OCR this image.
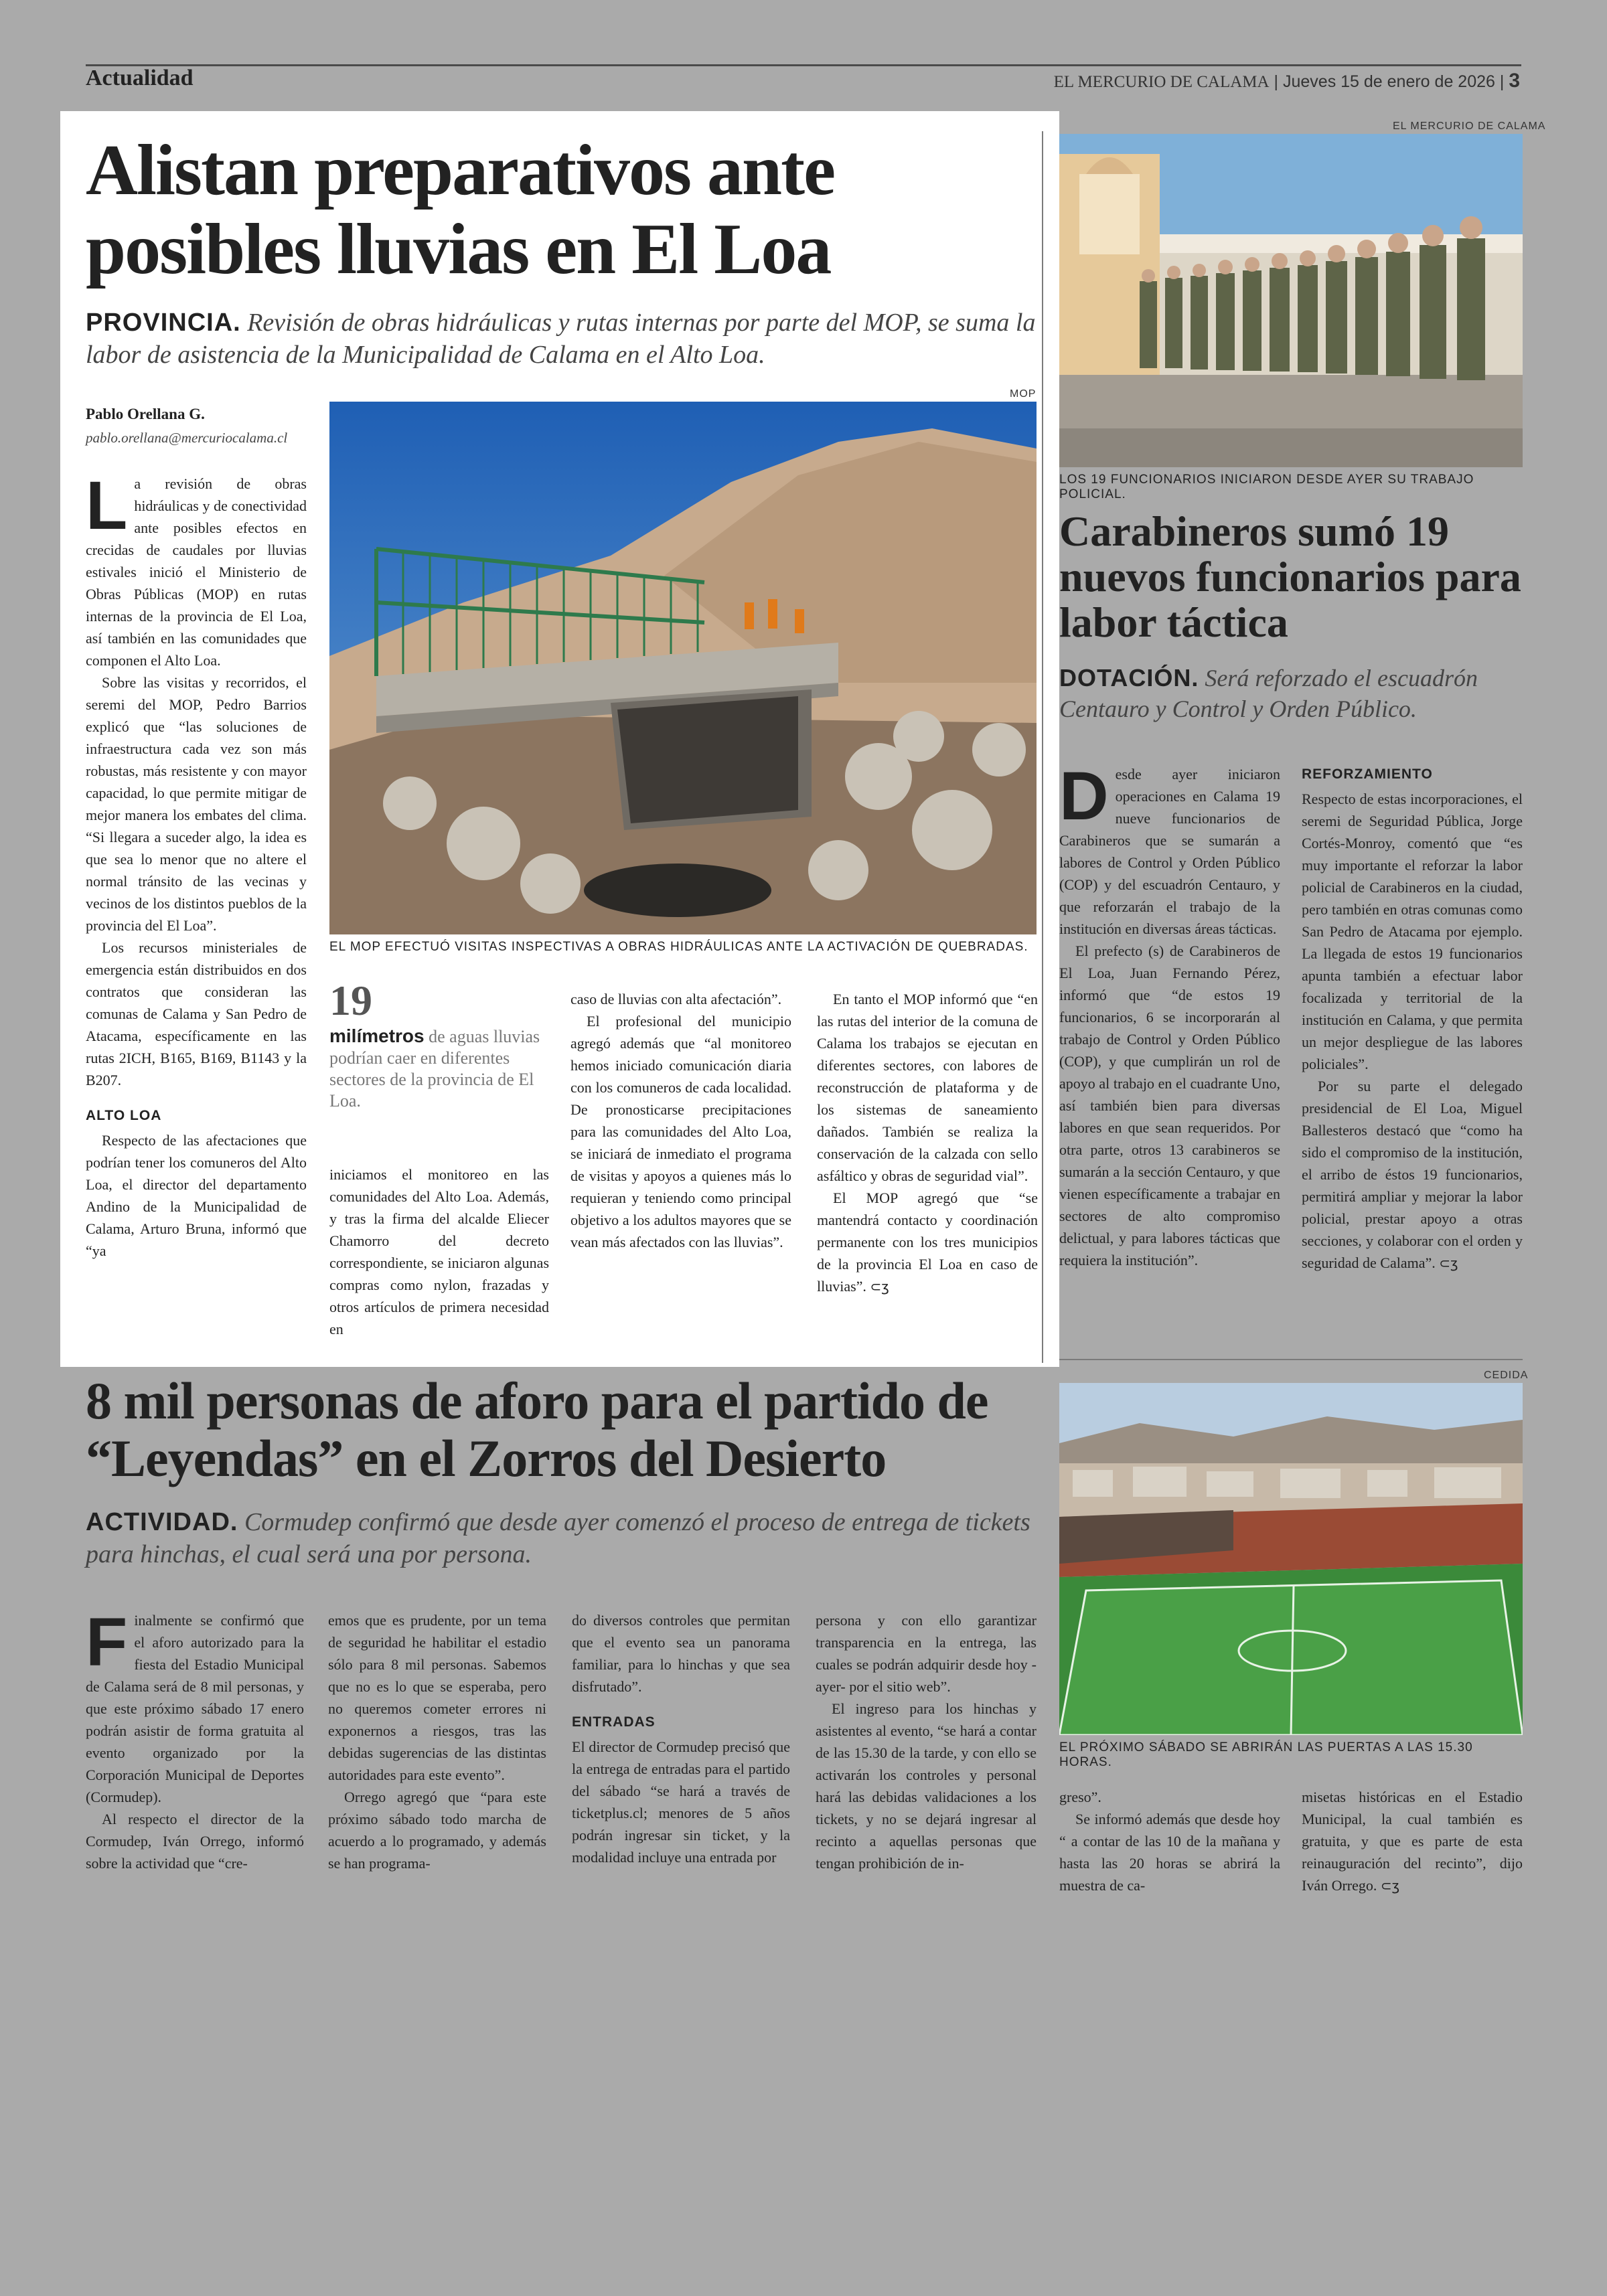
Actualidad	EL MERCURIO DE CALAMA | Jueves 15 de enero de 2026 | 3
Alistan preparativos ante posibles lluvias en El Loa
PROVINCIA. Revisión de obras hidráulicas y rutas internas por parte del MOP, se suma la labor de asistencia de la Municipalidad de Calama en el Alto Loa.
Pablo Orellana G.
pablo.orellana@mercuriocalama.cl
MOP
EL MOP EFECTUÓ VISITAS INSPECTIVAS A OBRAS HIDRÁULICAS ANTE LA ACTIVACIÓN DE QUEBRADAS.

La revisión de obras hidráulicas y de conectividad ante posibles efectos en crecidas de caudales por lluvias estivales inició el Ministerio de Obras Públicas (MOP) en rutas internas de la provincia de El Loa, así también en las comunidades que componen el Alto Loa.

Sobre las visitas y recorridos, el seremi del MOP, Pedro Barrios explicó que “las soluciones de infraestructura cada vez son más robustas, más resistente y con mayor capacidad, lo que permite mitigar de mejor manera los embates del clima. “Si llegara a suceder algo, la idea es que sea lo menor que no altere el normal tránsito de las vecinas y vecinos de los distintos pueblos de la provincia del El Loa”.

Los recursos ministeriales de emergencia están distribuidos en dos contratos que consideran las comunas de Calama y San Pedro de Atacama, específicamente en las rutas 2ICH, B165, B169, B1143 y la B207.

ALTO LOA

Respecto de las afectaciones que podrían tener los comuneros del Alto Loa, el director del departamento Andino de la Municipalidad de Calama, Arturo Bruna, informó que “ya

19
milímetros de aguas lluvias podrían caer en diferentes sectores de la provincia de El Loa.

iniciamos el monitoreo en las comunidades del Alto Loa. Además, y tras la firma del alcalde Eliecer Chamorro del decreto correspondiente, se iniciaron algunas compras como nylon, frazadas y otros artículos de primera necesidad en

caso de lluvias con alta afectación”.

El profesional del municipio agregó además que “al monitoreo hemos iniciado comunicación diaria con los comuneros de cada localidad. De pronosticarse precipitaciones para las comunidades del Alto Loa, se iniciará de inmediato el programa de visitas y apoyos a quienes más lo requieran y teniendo como principal objetivo a los adultos mayores que se vean más afectados con las lluvias”.

En tanto el MOP informó que “en las rutas del interior de la comuna de Calama los trabajos se ejecutan en diferentes sectores, con labores de reconstrucción de plataforma y de los sistemas de saneamiento dañados. También se realiza la conservación de la calzada con sello asfáltico y obras de seguridad vial”.

El MOP agregó que “se mantendrá contacto y coordinación permanente con los tres municipios de la provincia El Loa en caso de lluvias”. ⊂ʒ

EL MERCURIO DE CALAMA
LOS 19 FUNCIONARIOS INICIARON DESDE AYER SU TRABAJO POLICIAL.
Carabineros sumó 19 nuevos funcionarios para labor táctica
DOTACIÓN. Será reforzado el escuadrón Centauro y Control y Orden Público.

Desde ayer iniciaron operaciones en Calama 19 nueve funcionarios de Carabineros que se sumarán a labores de Control y Orden Público (COP) y del escuadrón Centauro, y que reforzarán el trabajo de la institución en diversas áreas tácticas.

El prefecto (s) de Carabineros de El Loa, Juan Fernando Pérez, informó que “de estos 19 funcionarios, 6 se incorporarán al trabajo de Control y Orden Público (COP), y que cumplirán un rol de apoyo al trabajo en el cuadrante Uno, así también bien para diversas labores en que sean requeridos. Por otra parte, otros 13 carabineros se sumarán a la sección Centauro, y que vienen específicamente a trabajar en sectores de alto compromiso delictual, y para labores tácticas que requiera la institución”.

REFORZAMIENTO

Respecto de estas incorporaciones, el seremi de Seguridad Pública, Jorge Cortés-Monroy, comentó que “es muy importante el reforzar la labor policial de Carabineros en la ciudad, pero también en otras comunas como San Pedro de Atacama por ejemplo. La llegada de estos 19 funcionarios apunta también a efectuar labor focalizada y territorial de la institución en Calama, y que permita un mejor despliegue de las labores policiales”.

Por su parte el delegado presidencial de El Loa, Miguel Ballesteros destacó que “como ha sido el compromiso de la institución, el arribo de éstos 19 funcionarios, permitirá ampliar y mejorar la labor policial, prestar apoyo a otras secciones, y colaborar con el orden y seguridad de Calama”. ⊂ʒ

8 mil personas de aforo para el partido de “Leyendas” en el Zorros del Desierto
ACTIVIDAD. Cormudep confirmó que desde ayer comenzó el proceso de entrega de tickets para hinchas, el cual será una por persona.
CEDIDA
EL PRÓXIMO SÁBADO SE ABRIRÁN LAS PUERTAS A LAS 15.30 HORAS.

Finalmente se confirmó que el aforo autorizado para la fiesta del Estadio Municipal de Calama será de 8 mil personas, y que este próximo sábado 17 enero podrán asistir de forma gratuita al evento organizado por la Corporación Municipal de Deportes (Cormudep).

Al respecto el director de la Cormudep, Iván Orrego, informó sobre la actividad que “cre-

emos que es prudente, por un tema de seguridad he habilitar el estadio sólo para 8 mil personas. Sabemos que no es lo que se esperaba, pero no queremos cometer errores ni exponernos a riesgos, tras las debidas sugerencias de las distintas autoridades para este evento”.

Orrego agregó que “para este próximo sábado todo marcha de acuerdo a lo programado, y además se han programa-

do diversos controles que permitan que el evento sea un panorama familiar, para lo hinchas y que sea disfrutado”.

ENTRADAS

El director de Cormudep precisó que la entrega de entradas para el partido del sábado “se hará a través de ticketplus.cl; menores de 5 años podrán ingresar sin ticket, y la modalidad incluye una entrada por

persona y con ello garantizar transparencia en la entrega, las cuales se podrán adquirir desde hoy -ayer- por el sitio web”.

El ingreso para los hinchas y asistentes al evento, “se hará a contar de las 15.30 de la tarde, y con ello se activarán los controles y personal hará las debidas validaciones a los tickets, y no se dejará ingresar al recinto a aquellas personas que tengan prohibición de in-

greso”.

Se informó además que desde hoy “ a contar de las 10 de la mañana y hasta las 20 horas se abrirá la muestra de ca-

misetas históricas en el Estadio Municipal, la cual también es gratuita, y que es parte de esta reinauguración del recinto”, dijo Iván Orrego. ⊂ʒ
